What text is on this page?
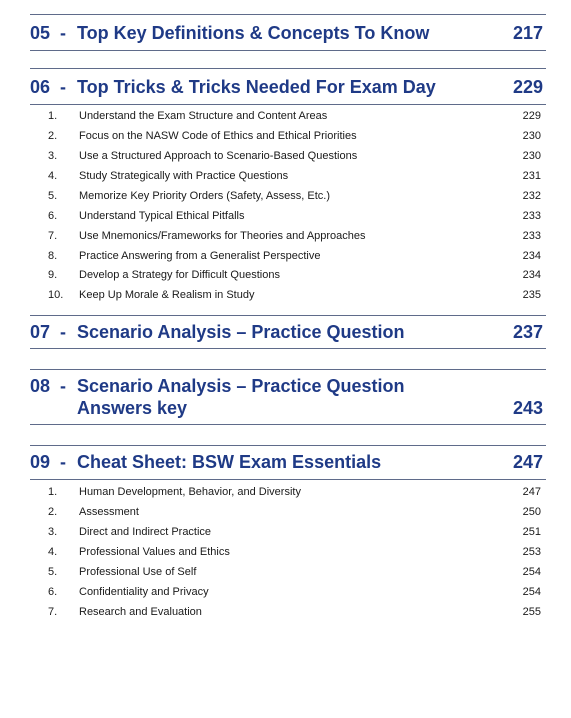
05 - Top Key Definitions & Concepts To Know	217
06 - Top Tricks & Tricks Needed For Exam Day	229
1. Understand the Exam Structure and Content Areas	229
2. Focus on the NASW Code of Ethics and Ethical Priorities	230
3. Use a Structured Approach to Scenario-Based Questions	230
4. Study Strategically with Practice Questions	231
5. Memorize Key Priority Orders (Safety, Assess, Etc.)	232
6. Understand Typical Ethical Pitfalls	233
7. Use Mnemonics/Frameworks for Theories and Approaches	233
8. Practice Answering from a Generalist Perspective	234
9. Develop a Strategy for Difficult Questions	234
10. Keep Up Morale & Realism in Study	235
07 - Scenario Analysis – Practice Question	237
08 - Scenario Analysis – Practice Question
Answers key	243
09 - Cheat Sheet: BSW Exam Essentials	247
1. Human Development, Behavior, and Diversity	247
2. Assessment	250
3. Direct and Indirect Practice	251
4. Professional Values and Ethics	253
5. Professional Use of Self	254
6. Confidentiality and Privacy	254
7. Research and Evaluation	255
